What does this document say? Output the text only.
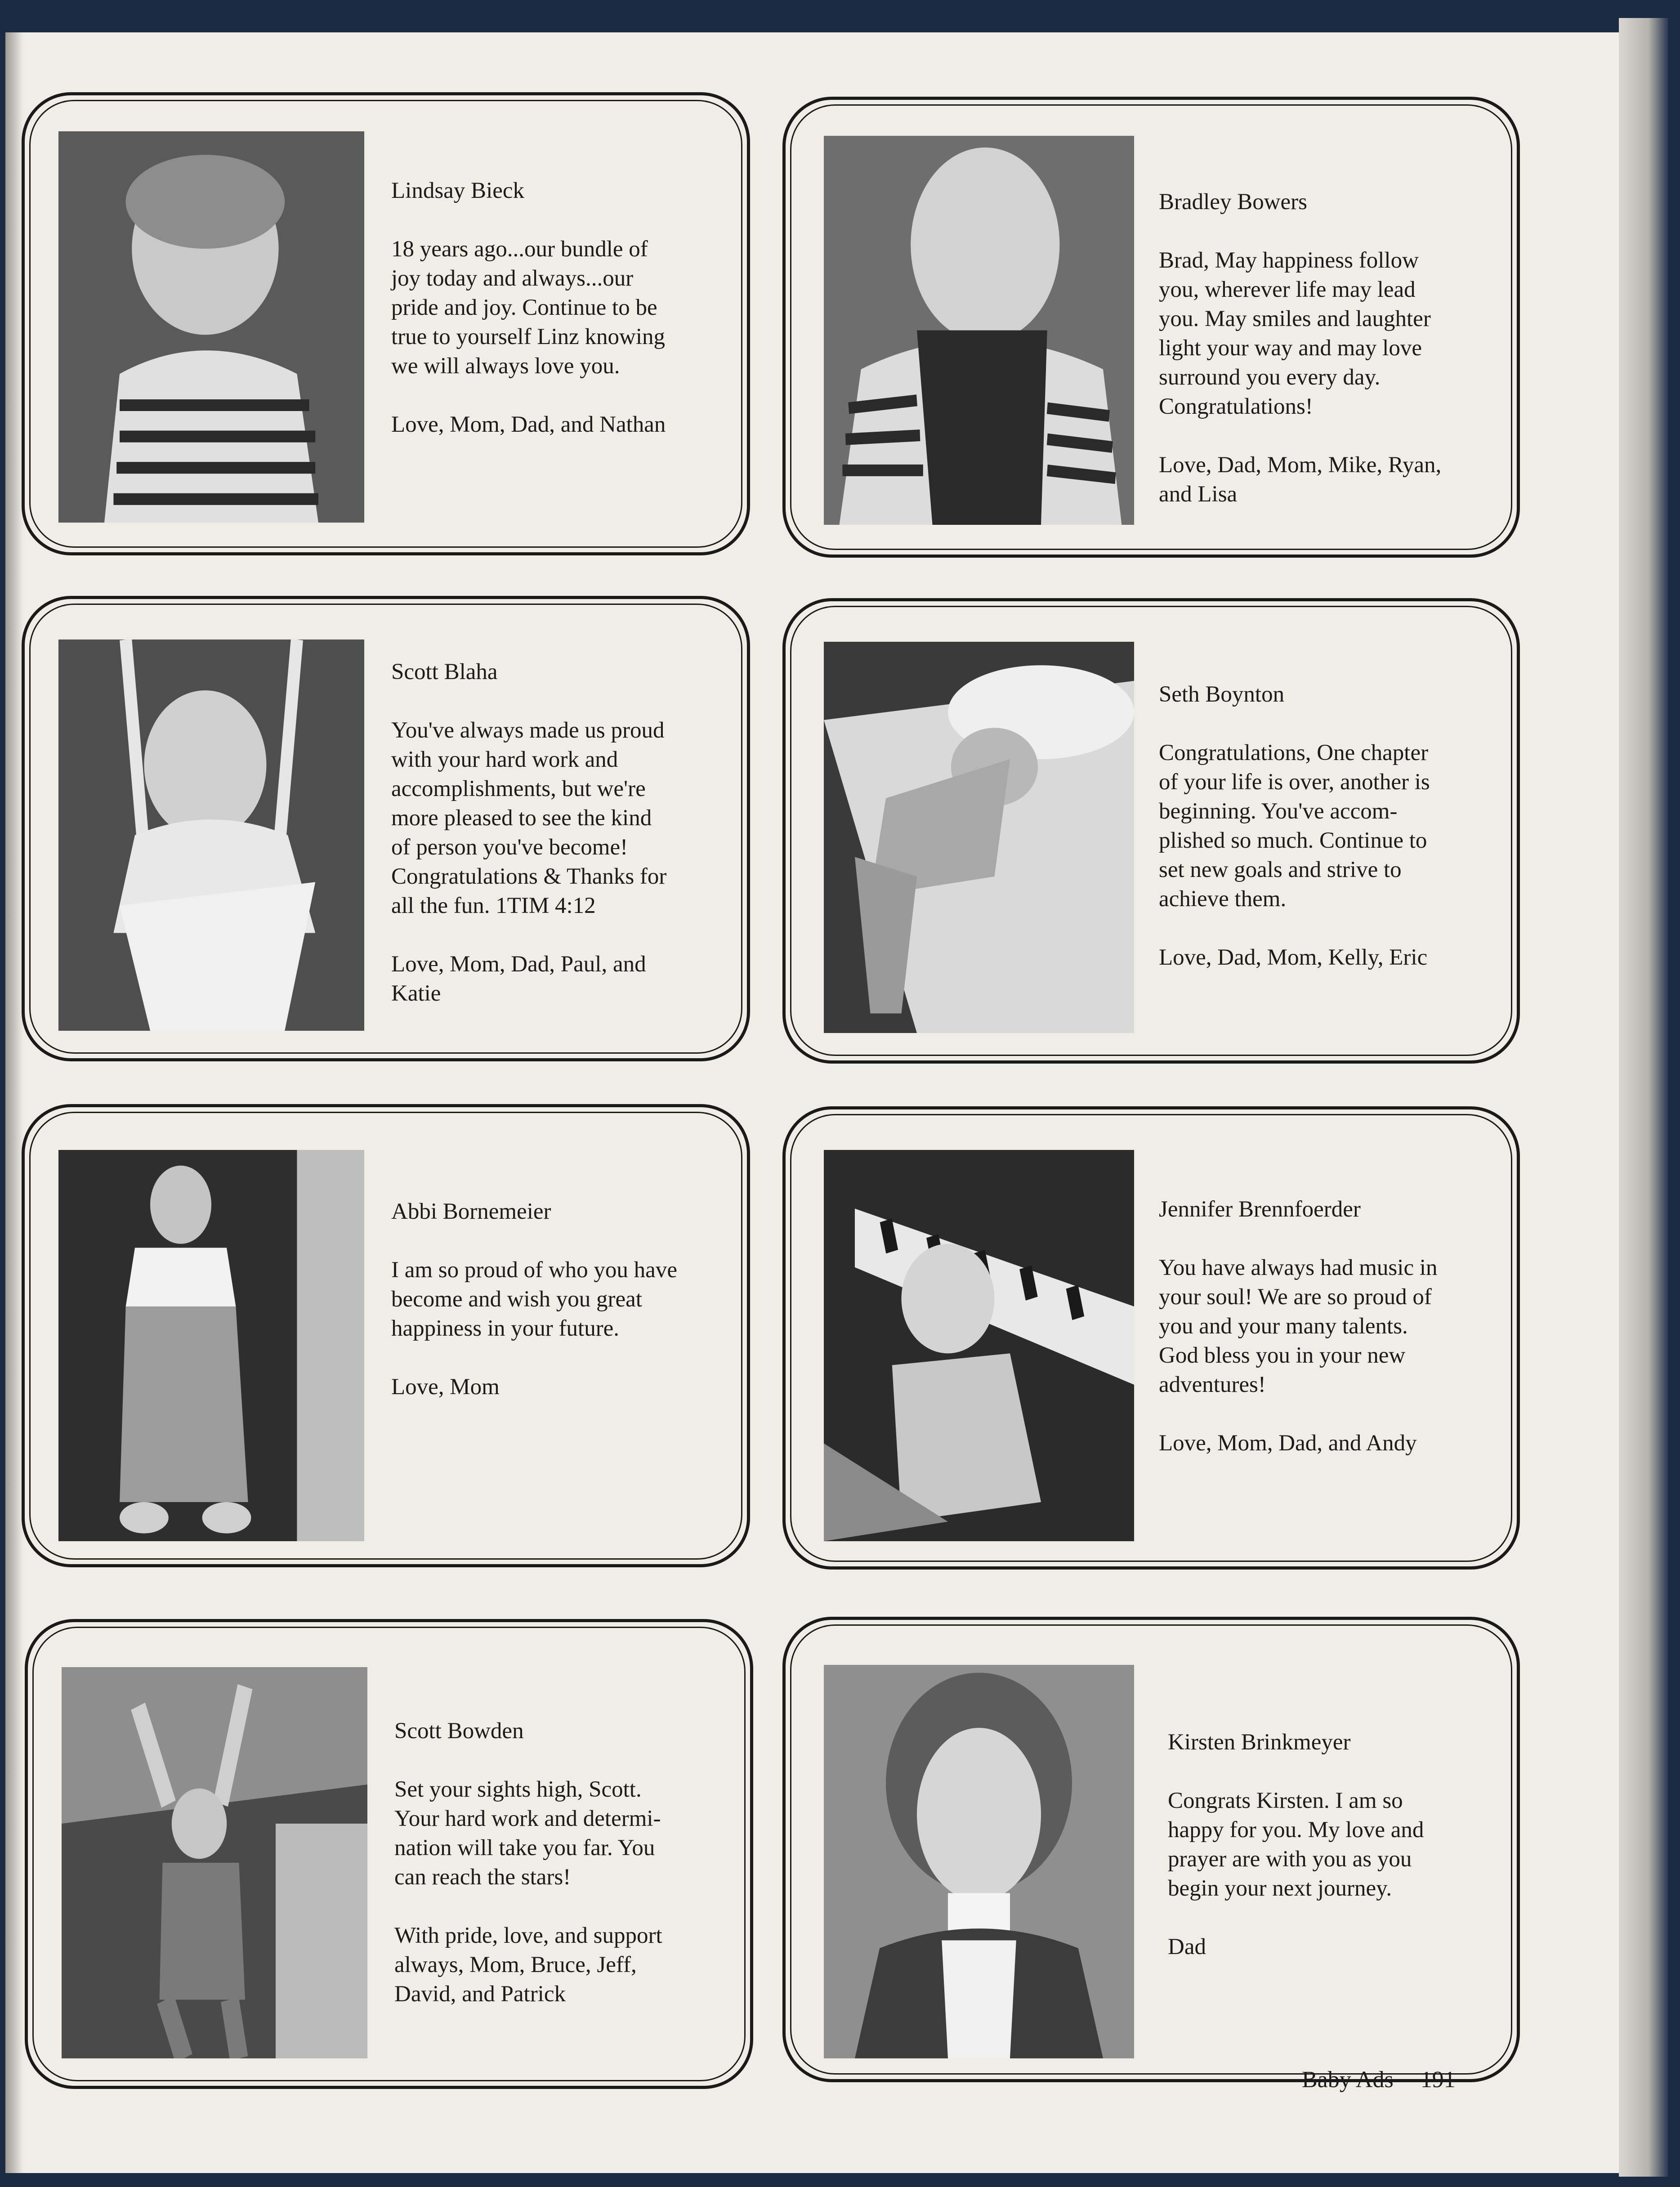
Lindsay Bieck
18 years ago...our bundle of
joy today and always...our
pride and joy. Continue to be
true to yourself Linz knowing
we will always love you.
Love, Mom, Dad, and Nathan
Bradley Bowers
Brad, May happiness follow
you, wherever life may lead
you. May smiles and laughter
light your way and may love
surround you every day.
Congratulations!
Love, Dad, Mom, Mike, Ryan,
and Lisa
Scott Blaha
You've always made us proud
with your hard work and
accomplishments, but we're
more pleased to see the kind
of person you've become!
Congratulations & Thanks for
all the fun. 1TIM 4:12
Love, Mom, Dad, Paul, and
Katie
Seth Boynton
Congratulations, One chapter
of your life is over, another is
beginning. You've accom-
plished so much. Continue to
set new goals and strive to
achieve them.
Love, Dad, Mom, Kelly, Eric
Abbi Bornemeier
I am so proud of who you have
become and wish you great
happiness in your future.
Love, Mom
Jennifer Brennfoerder
You have always had music in
your soul! We are so proud of
you and your many talents.
God bless you in your new
adventures!
Love, Mom, Dad, and Andy
Scott Bowden
Set your sights high, Scott.
Your hard work and determi-
nation will take you far. You
can reach the stars!
With pride, love, and support
always, Mom, Bruce, Jeff,
David, and Patrick
Kirsten Brinkmeyer
Congrats Kirsten. I am so
happy for you. My love and
prayer are with you as you
begin your next journey.
Dad
Baby Ads 191
